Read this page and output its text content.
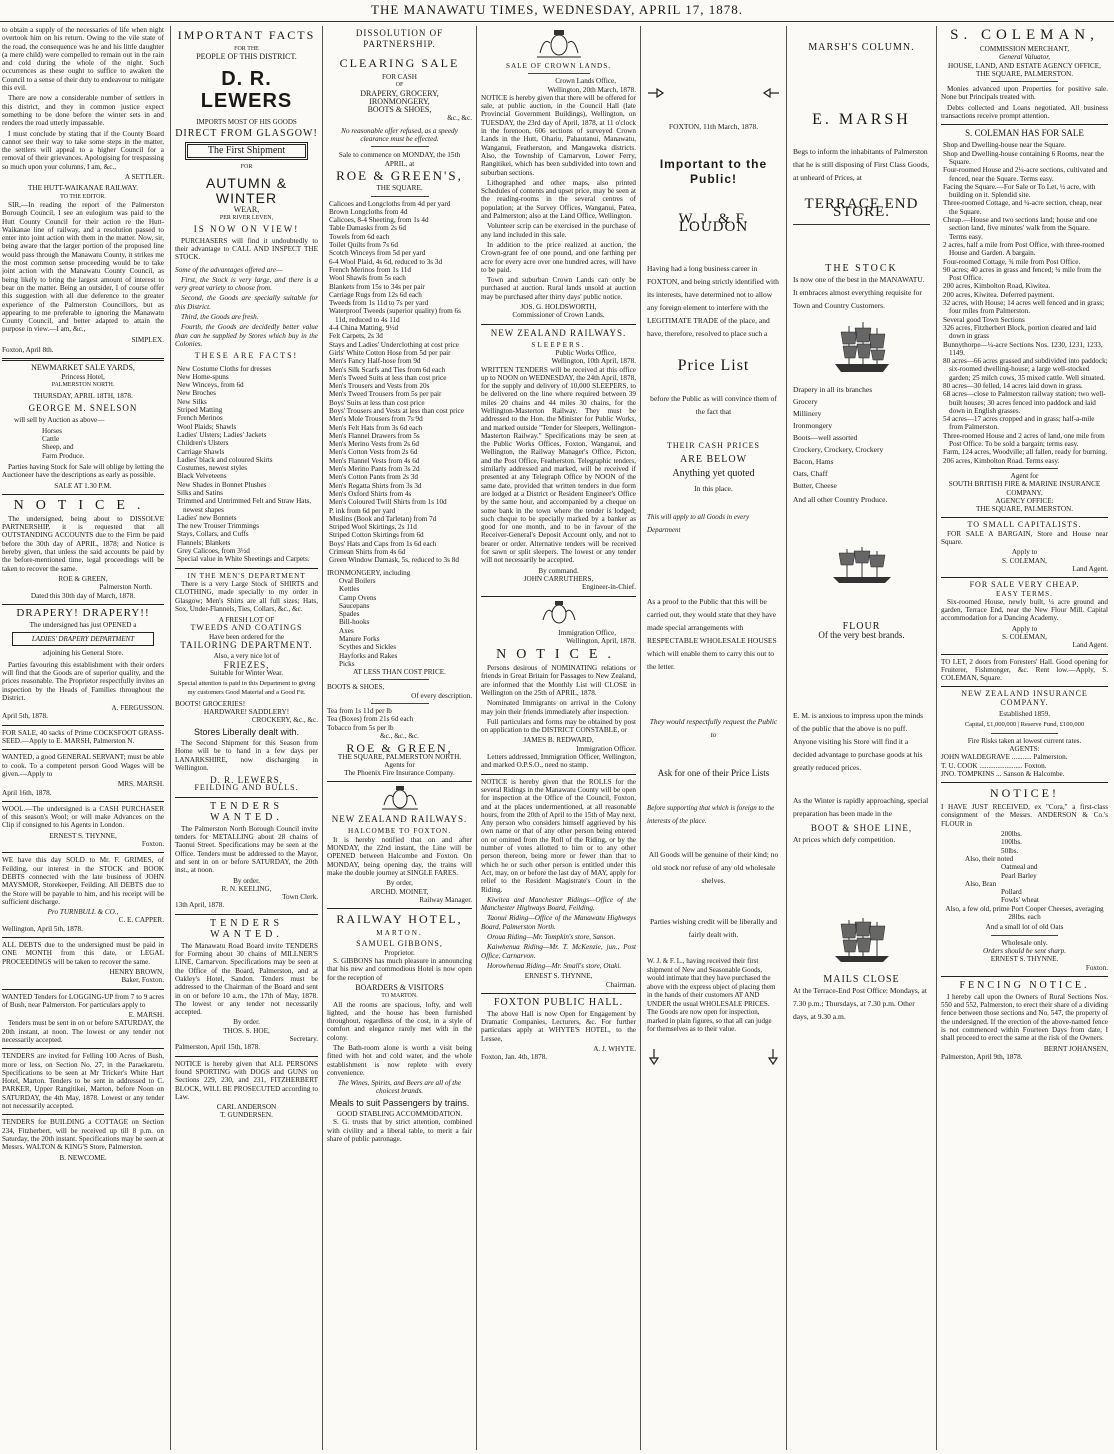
THE MANAWATU TIMES, WEDNESDAY, APRIL 17, 1878.

to obtain a supply of the necessaries of life when night overtook him on his return. Owing to the vile state of the road, the consequence was he and his little daughter (a mere child) were compelled to remain out in the rain and cold during the whole of the night. Such occurrences as these ought to suffice to awaken the Council to a sense of their duty to endeavour to mitigate this evil.

There are now a considerable number of settlers in this district, and they in common justice expect something to be done before the winter sets in and renders the road utterly impassable.

I must conclude by stating that if the County Board cannot see their way to take some steps in the matter, the settlers will appeal to a higher Council for a removal of their grievances. Apologising for trespassing so much upon your columns, I am, &c.,

A SETTLER.

THE HUTT-WAIKANAE RAILWAY.
TO THE EDITOR.

SIR,—In reading the report of the Palmerston Borough Council, I see an eulogium was paid to the Hutt County Council for their action re the Hutt-Waikanae line of railway, and a resolution passed to enter into joint action with them in the matter. Now, sir, being aware that the larger portion of the proposed line would pass through the Manawatu County, it strikes me the most common sense proceeding would be to take joint action with the Manawatu County Council, as being likely to bring the largest amount of interest to bear on the matter. Being an outsider, I of course offer this suggestion with all due deference to the greater experience of the Palmerston Councillors, but as appearing to me preferable to ignoring the Manawatu County Council, and better adapted to attain the purpose in view.—I am, &c.,

SIMPLEX.

Foxton, April 8th.

NEWMARKET SALE YARDS,
Princess Hotel,
PALMERSTON NORTH.
THURSDAY, APRIL 18TH, 1878.
GEORGE M. SNELSON

will sell by Auction as above—

Horses
Cattle
Sheep, and
Farm Produce.

Parties having Stock for Sale will oblige by letting the Auctioneer have the descriptions as early as possible.

SALE AT 1.30 P.M.
NOTICE.

The undersigned, being about to DISSOLVE PARTNERSHIP, it is requested that all OUTSTANDING ACCOUNTS due to the Firm be paid before the 30th day of APRIL, 1878; and Notice is hereby given, that unless the said accounts be paid by the before-mentioned time, legal proceedings will be taken to recover the same.

ROE & GREEN,
Palmerston North.
Dated this 30th day of March, 1878.
DRAPERY! DRAPERY!!
The undersigned has just OPENED a
LADIES' DRAPERY DEPARTMENT
adjoining his General Store.

Parties favouring this establishment with their orders will find that the Goods are of superior quality, and the prices reasonable. The Proprietor respectfully invites an inspection by the Heads of Families throughout the District.

A. FERGUSSON.
April 5th, 1878.

FOR SALE, 40 sacks of Prime COCKSFOOT GRASS-SEED.—Apply to E. MARSH, Palmerston N.

WANTED, a good GENERAL SERVANT; must be able to cook. To a competent person Good Wages will be given.—Apply to

MRS. MARSH.
April 16th, 1878.

WOOL.—The undersigned is a CASH PURCHASER of this season's Wool; or will make Advances on the Clip if consigned to his Agents in London.

ERNEST S. THYNNE,
Foxton.

WE have this day SOLD to Mr. F. GRIMES, of Feilding, our interest in the STOCK and BOOK DEBTS connected with the late business of JOHN MAYSMOR, Storekeeper, Feilding. All DEBTS due to the Store will be payable to him, and his receipt will be sufficient discharge.

Pro TURNBULL & CO.,
C. E. CAPPER.
Wellington, April 5th, 1878.

ALL DEBTS due to the undersigned must be paid in ONE MONTH from this date, or LEGAL PROCEEDINGS will be taken to recover the same.

HENRY BROWN,
Baker, Foxton.

WANTED Tenders for LOGGING-UP from 7 to 9 acres of Bush, near Palmerston. For particulars apply to

E. MARSH.

Tenders must be sent in on or before SATURDAY, the 20th instant, at noon. The lowest or any tender not necessarily accepted.

TENDERS are invited for Felling 100 Acres of Bush, more or less, on Section No. 27, in the Paraekaretu. Specifications to be seen at Mr Tricker's White Hart Hotel, Marton. Tenders to be sent in addressed to C. PARKER, Upper Rangitikei, Marton, before Noon on SATURDAY, the 4th May, 1878. Lowest or any tender not necessarily accepted.

TENDERS for BUILDING a COTTAGE on Section 234, Fitzherbert, will be received up till 8 p.m. on Saturday, the 20th instant. Specifications may be seen at Messrs. WALTON & KING'S Store, Palmerston.

B. NEWCOME.
IMPORTANT FACTS
FOR THE
PEOPLE OF THIS DISTRICT.
D. R. LEWERS
IMPORTS MOST OF HIS GOODS
DIRECT FROM GLASGOW!
The First Shipment
FOR
AUTUMN & WINTER
WEAR,
PER RIVER LEVEN,
IS NOW ON VIEW!

PURCHASERS will find it undoubtedly to their advantage to CALL AND INSPECT THE STOCK.

Some of the advantages offered are—

First, the Stock is very large, and there is a very great variety to choose from.

Second, the Goods are specially suitable for this District.

Third, the Goods are fresh.

Fourth, the Goods are decidedly better value than can be supplied by Stores which buy in the Colonies.

THESE ARE FACTS!
New Costume Cloths for dresses
New Home-spuns
New Winceys, from 6d
New Broches
New Silks
Striped Matting
French Merinos
Wool Plaids; Shawls
Ladies' Ulsters; Ladies' Jackets
Children's Ulsters
Carriage Shawls
Ladies' black and coloured Skirts
Costumes, newest styles
Black Velveteens
New Shades in Bonnet Plushes
Silks and Satins
Trimmed and Untrimmed Felt and Straw Hats, newest shapes
Ladies' new Bonnets
The new Trouser Trimmings
Stays, Collars, and Cuffs
Flannels; Blankets
Grey Calicoes, from 3½d
Special value in White Sheetings and Carpets.
IN THE MEN'S DEPARTMENT

There is a very Large Stock of SHIRTS and CLOTHING, made specially to my order in Glasgow; Men's Shirts are all full sizes; Hats, Sox, Under-Flannels, Ties, Collars, &c., &c.

A FRESH LOT OF
TWEEDS AND COATINGS
Have been ordered for the
TAILORING DEPARTMENT.
Also, a very nice lot of
FRIEZES,
Suitable for Winter Wear.

Special attention is paid in this Department to giving my customers Good Material and a Good Fit.

BOOTS! GROCERIES!
HARDWARE! SADDLERY!
CROCKERY, &c., &c.
Stores Liberally dealt with.

The Second Shipment for this Season from Home will be to hand in a few days per LANARKSHIRE, now discharging in Wellington.

D. R. LEWERS,
FEILDING AND BULLS.
TENDERS WANTED.

The Palmerston North Borough Council invite tenders for METALLING about 28 chains of Taonui Street. Specifications may be seen at the Office. Tenders must be addressed to the Mayor, and sent in on or before SATURDAY, the 20th inst., at noon.

By order.
R. N. KEELING,
Town Clerk.
13th April, 1878.
TENDERS WANTED.

The Manawatu Road Board invite TENDERS for Forming about 30 chains of MILLNER'S LINE, Carnarvon. Specifications may be seen at the Office of the Board, Palmerston, and at Oakley's Hotel, Sandon. Tenders must be addressed to the Chairman of the Board and sent in on or before 10 a.m., the 17th of May, 1878. The lowest or any tender not necessarily accepted.

By order.
THOS. S. HOE,
Secretary.
Palmerston, April 15th, 1878.

NOTICE is hereby given that ALL PERSONS found SPORTING with DOGS and GUNS on Sections 229, 230, and 231, FITZHERBERT BLOCK, WILL BE PROSECUTED according to Law.

CARL ANDERSON
T. GUNDERSEN.
DISSOLUTION OF PARTNERSHIP.
CLEARING SALE
FOR CASH
OF
DRAPERY, GROCERY,
IRONMONGERY,
BOOTS & SHOES,
&c., &c.

No reasonable offer refused, as a speedy clearance must be effected.

Sale to commence on MONDAY, the 15th APRIL, at

ROE & GREEN'S,
THE SQUARE.
Calicoes and Longcloths from 4d per yard
Brown Longcloths from 4d
Calicoes, 8-4 Sheeting, from 1s 4d
Table Damasks from 2s 6d
Towels from 6d each
Toilet Quilts from 7s 6d
Scotch Winceys from 5d per yard
6-4 Wool Plaid, 4s 6d, reduced to 3s 3d
French Merinos from 1s 11d
Wool Shawls from 5s each
Blankets from 15s to 34s per pair
Carriage Rugs from 12s 6d each
Tweeds from 1s 11d to 7s per yard
Waterproof Tweeds (superior quality) from 6s 11d, reduced to 4s 11d
4-4 China Matting, 9½d
Felt Carpets, 2s 3d
Stays and Ladies' Underclothing at cost price
Girls' White Cotton Hose from 5d per pair
Men's Fancy Half-hose from 9d
Men's Silk Scarfs and Ties from 6d each
Men's Tweed Suits at less than cost price
Men's Trousers and Vests from 20s
Men's Tweed Trousers from 5s per pair
Boys' Suits at less than cost price
Boys' Trousers and Vests at less than cost price
Men's Mole Trousers from 7s 9d
Men's Felt Hats from 3s 6d each
Men's Flannel Drawers from 5s
Men's Merino Vests from 2s 6d
Men's Cotton Vests from 2s 6d
Men's Flannel Vests from 4s 6d
Men's Merino Pants from 3s 2d
Men's Cotton Pants from 2s 3d
Men's Regatta Shirts from 3s 3d
Men's Oxford Shirts from 4s
Men's Coloured Twill Shirts from 1s 10d
P. ink from 6d per yard
Muslins (Book and Tarletan) from 7d
Striped Wool Skirtings, 2s 11d
Striped Cotton Skirtings from 6d
Boys' Hats and Caps from 1s 6d each
Crimean Shirts from 4s 6d
Green Window Damask, 5s, reduced to 3s 8d
IRONMONGERY, including
Oval Boilers
Kettles
Camp Ovens
Saucepans
Spades
Bill-hooks
Axes
Manure Forks
Scythes and Sickles
Hayforks and Rakes
Picks
AT LESS THAN COST PRICE.
BOOTS & SHOES,
Of every description.
Tea from 1s 11d per lb
Tea (Boxes) from 21s 6d each
Tobacco from 5s per lb
&c., &c., &c.
ROE & GREEN,
THE SQUARE, PALMERSTON NORTH.
Agents for
The Phoenix Fire Insurance Company.
NEW ZEALAND RAILWAYS.
HALCOMBE TO FOXTON.

It is hereby notified that on and after MONDAY, the 22nd instant, the Line will be OPENED between Halcombe and Foxton. On MONDAY, being opening day, the trains will make the double journey at SINGLE FARES.

By order,
ARCHD. MOINET,
Railway Manager.
RAILWAY HOTEL,
MARTON.
SAMUEL GIBBONS,
Proprietor.

S. GIBBONS has much pleasure in announcing that his new and commodious Hotel is now open for the reception of

BOARDERS & VISITORS
TO MARTON.

All the rooms are spacious, lofty, and well lighted, and the house has been furnished throughout, regardless of the cost, in a style of comfort and elegance rarely met with in the colony.

The Bath-room alone is worth a visit being fitted with hot and cold water, and the whole establishment is now replete with every convenience.

The Wines, Spirits, and Beers are all of the choicest brands.

Meals to suit Passengers by trains.
GOOD STABLING ACCOMMODATION.

S. G. trusts that by strict attention, combined with civility and a liberal table, to merit a fair share of public patronage.

SALE OF CROWN LANDS.
Crown Lands Office,
Wellington, 20th March, 1878.

NOTICE is hereby given that there will be offered for sale, at public auction, in the Council Hall (late Provincial Government Buildings), Wellington, on TUESDAY, the 23rd day of April, 1878, at 11 o'clock in the forenoon, 606 sections of surveyed Crown Lands in the Hutt, Ohariu, Pahautanui, Manawatu, Wanganui, Featherston, and Mangaweka districts. Also, the Township of Carnarvon, Lower Ferry, Rangitikei, which has been subdivided into town and suburban sections.

Lithographed and other maps, also printed Schedules of contents and upset price, may be seen at the reading-rooms in the several centres of population; at the Survey Offices, Wanganui, Patea, and Palmerston; also at the Land Office, Wellington.

Volunteer scrip can be exercised in the purchase of any land included in this sale.

In addition to the price realized at auction, the Crown-grant fee of one pound, and one farthing per acre for every acre over one hundred acres, will have to be paid.

Town and suburban Crown Lands can only be purchased at auction. Rural lands unsold at auction may be purchased after thirty days' public notice.

JOS. G. HOLDSWORTH,
Commissioner of Crown Lands.
NEW ZEALAND RAILWAYS.
SLEEPERS.
Public Works Office,
Wellington, 10th April, 1878.

WRITTEN TENDERS will be received at this office up to NOON on WEDNESDAY, the 24th April, 1878, for the supply and delivery of 10,000 SLEEPERS, to be delivered on the line where required between 39 miles 20 chains and 44 miles 30 chains, for the Wellington-Masterton Railway. They must be addressed to the Hon. the Minister for Public Works, and marked outside "Tender for Sleepers, Wellington-Masterton Railway." Specifications may be seen at the Public Works Offices, Foxton, Wanganui, and Wellington, the Railway Manager's Office, Picton, and the Post Office, Featherston. Telegraphic tenders, similarly addressed and marked, will be received if presented at any Telegraph Office by NOON of the same date, provided that written tenders in due form are lodged at a District or Resident Engineer's Office by the same hour, and accompanied by a cheque on some bank in the town where the tender is lodged; such cheque to be specially marked by a banker as good for one month, and to be in favour of the Receiver-General's Deposit Account only, and not to bearer or order. Alternative tenders will be received for sawn or split sleepers. The lowest or any tender will not necessarily be accepted.

By command.
JOHN CARRUTHERS,
Engineer-in-Chief.
Immigration Office,
Wellington, April, 1878.
NOTICE.

Persons desirous of NOMINATING relations or friends in Great Britain for Passages to New Zealand, are informed that the Monthly List will CLOSE in Wellington on the 25th of APRIL, 1878.

Nominated Immigrants on arrival in the Colony may join their friends immediately after inspection.

Full particulars and forms may be obtained by post on application to the DISTRICT CONSTABLE, or

JAMES B. REDWARD,
Immigration Officer.

Letters addressed, Immigration Officer, Wellington, and marked O.P.S.O., need no stamp.

NOTICE is hereby given that the ROLLS for the several Ridings in the Manawatu County will be open for inspection at the Office of the Council, Foxton, and at the places undermentioned, at all reasonable hours, from the 20th of April to the 15th of May next. Any person who considers himself aggrieved by his own name or that of any other person being entered on or omitted from the Roll of the Riding, or by the number of votes allotted to him or to any other person thereon, being more or fewer than that to which he or such other person is entitled under this Act, may, on or before the last day of MAY, apply for relief to the Resident Magistrate's Court in the Riding.

Kiwitea and Manchester Ridings—Office of the Manchester Highways Board, Feilding.

Taonui Riding—Office of the Manawatu Highways Board, Palmerston North.

Oroua Riding—Mr. Tompkin's store, Sanson.

Kaiwhenua Riding—Mr. T. McKenzie, jun., Post Office, Carnarvon.

Horowhenua Riding—Mr. Small's store, Otaki.

ERNEST S. THYNNE,
Chairman.
FOXTON PUBLIC HALL.

The above Hall is now Open for Engagement by Dramatic Companies, Lecturers, &c. For further particulars apply at WHYTE'S HOTEL, to the Lessee,

A. J. WHYTE.
Foxton, Jan. 4th, 1878.

FOXTON, 11th March, 1878.

Important to the Public!
W. J. & F. LOUDON

Having had a long business career in FOXTON, and being strictly identified with its interests, have determined not to allow any foreign element to interfere with the LEGITIMATE TRADE of the place, and have, therefore, resolved to place such a

Price List

before the Public as will convince them of the fact that

THEIR CASH PRICES
ARE BELOW
Anything yet quoted
In this place.

This will apply to all Goods in every Department

As a proof to the Public that this will be carried out, they would state that they have made special arrangements with RESPECTABLE WHOLESALE HOUSES which will enable them to carry this out to the letter.

They would respectfully request the Public to

Ask for one of their Price Lists

Before supporting that which is foreign to the interests of the place.

All Goods will be genuine of their kind; no old stock nor refuse of any old wholesale shelves.

Parties wishing credit will be liberally and fairly dealt with.

W. J. & F. L., having received their first shipment of New and Seasonable Goods, would intimate that they have purchased the above with the express object of placing them in the hands of their customers AT AND UNDER the usual WHOLESALE PRICES. The Goods are now open for inspection, marked in plain figures, so that all can judge for themselves as to their value.

MARSH'S COLUMN.
E. MARSH

Begs to inform the inhabitants of Palmerston that he is still disposing of First Class Goods, at unheard of Prices, at

TERRACE END STORE.
THE STOCK

Is now one of the best in the MANAWATU. It embraces almost everything requisite for Town and Country Customers.

Drapery in all its branches
Grocery
Millinery
Ironmongery
Boots—well assorted
Crockery, Crockery, Crockery
Bacon, Hams
Oats, Chaff
Butter, Cheese
And all other Country Produce.
FLOUR
Of the very best brands.

E. M. is anxious to impress upon the minds of the public that the above is no puff. Anyone visiting his Store will find it a decided advantage to purchase goods at his greatly reduced prices.

As the Winter is rapidly approaching, special preparation has been made in the

BOOT & SHOE LINE,

At prices which defy competition.

MAILS CLOSE

At the Terrace-End Post Office: Mondays, at 7.30 p.m.; Thursdays, at 7.30 p.m. Other days, at 9.30 a.m.

S. COLEMAN,
COMMISSION MERCHANT,
General Valuator,
HOUSE, LAND, AND ESTATE AGENCY OFFICE,
THE SQUARE, PALMERSTON.

Monies advanced upon Properties for positive sale. None but Principals treated with.

Debts collected and Loans negotiated. All business transactions receive prompt attention.

S. COLEMAN HAS FOR SALE
Shop and Dwelling-house near the Square.
Shop and Dwelling-house containing 6 Rooms, near the Square.
Four-roomed House and 2¼-acre sections, cultivated and fenced, near the Square. Terms easy.
Facing the Square.—For Sale or To Let, ½ acre, with building on it. Splendid site.
Three-roomed Cottage, and ¼-acre section, cheap, near the Square.
Cheap.—House and two sections land; house and one section land, five minutes' walk from the Square. Terms easy.
2 acres, half a mile from Post Office, with three-roomed House and Garden. A bargain.
Four-roomed Cottage, ¾ mile from Post Office.
90 acres; 40 acres in grass and fenced; ¾ mile from the Post Office.
200 acres, Kimbolton Road, Kiwitea.
200 acres, Kiwitea. Deferred payment.
32 acres, with House; 14 acres well fenced and in grass; four miles from Palmerston.
Several good Town Sections
326 acres, Fitzherbert Block, portion cleared and laid down in grass
Bunnythorpe—¼-acre Sections Nos. 1230, 1231, 1233, 1149.
80 acres—66 acres grassed and subdivided into paddock; six-roomed dwelling-house; a large well-stocked garden; 25 milch cows, 35 mixed cattle. Well situated.
80 acres—30 felled, 14 acres laid down in grass.
68 acres—close to Palmerston railway station; two well-built houses; 30 acres fenced into paddock and laid down in English grasses.
54 acres—17 acres cropped and in grass; half-a-mile from Palmerston.
Three-roomed House and 2 acres of land, one mile from Post Office. To be sold a bargain; terms easy.
Farm, 124 acres, Woodville; all fallen, ready for burning.
206 acres, Kimbolton Road. Terms easy.
Agent for
SOUTH BRITISH FIRE & MARINE INSURANCE COMPANY.
AGENCY OFFICE:
THE SQUARE, PALMERSTON.
TO SMALL CAPITALISTS.

FOR SALE A BARGAIN, Store and House near Square.

Apply to
S. COLEMAN,
Land Agent.
FOR SALE VERY CHEAP.
EASY TERMS.

Six-roomed House, newly built, ¼ acre ground and garden, Terrace End, near the New Flour Mill. Capital accommodation for a Dancing Academy.

Apply to
S. COLEMAN,
Land Agent.

TO LET, 2 doors from Foresters' Hall. Good opening for Fruiterer, Fishmonger, &c. Rent low.—Apply, S. COLEMAN, Square.

NEW ZEALAND INSURANCE COMPANY.
Established 1859.
Capital, £1,000,000 | Reserve Fund, £100,000
Fire Risks taken at lowest current rates.
AGENTS:
JOHN WALDEGRAVE ........... Palmerston.
T. U. COOK ........................ Foxton.
JNO. TOMPKINS ... Sanson & Halcombe.
NOTICE!

I HAVE JUST RECEIVED, ex "Cora," a first-class consignment of the Messrs. ANDERSON & Co.'s FLOUR in

200lbs.
100lbs.
50lbs.
Also, their noted
Oatmeal and
Pearl Barley
Also, Bran
Pollard
Fowls' wheat

Also, a few old, prime Port Cooper Cheeses, averaging 28lbs. each

And a small lot of old Oats
Wholesale only.
Orders should be sent sharp.
ERNEST S. THYNNE.
Foxton.
FENCING NOTICE.

I hereby call upon the Owners of Rural Sections Nos. 550 and 552, Palmerston, to erect their share of a dividing fence between those sections and No. 547, the property of the undersigned. If the erection of the above-named fence is not commenced within Fourteen Days from date, I shall proceed to erect the same at the risk of the Owners.

BERNT JOHANSEN,
Palmerston, April 9th, 1878.
